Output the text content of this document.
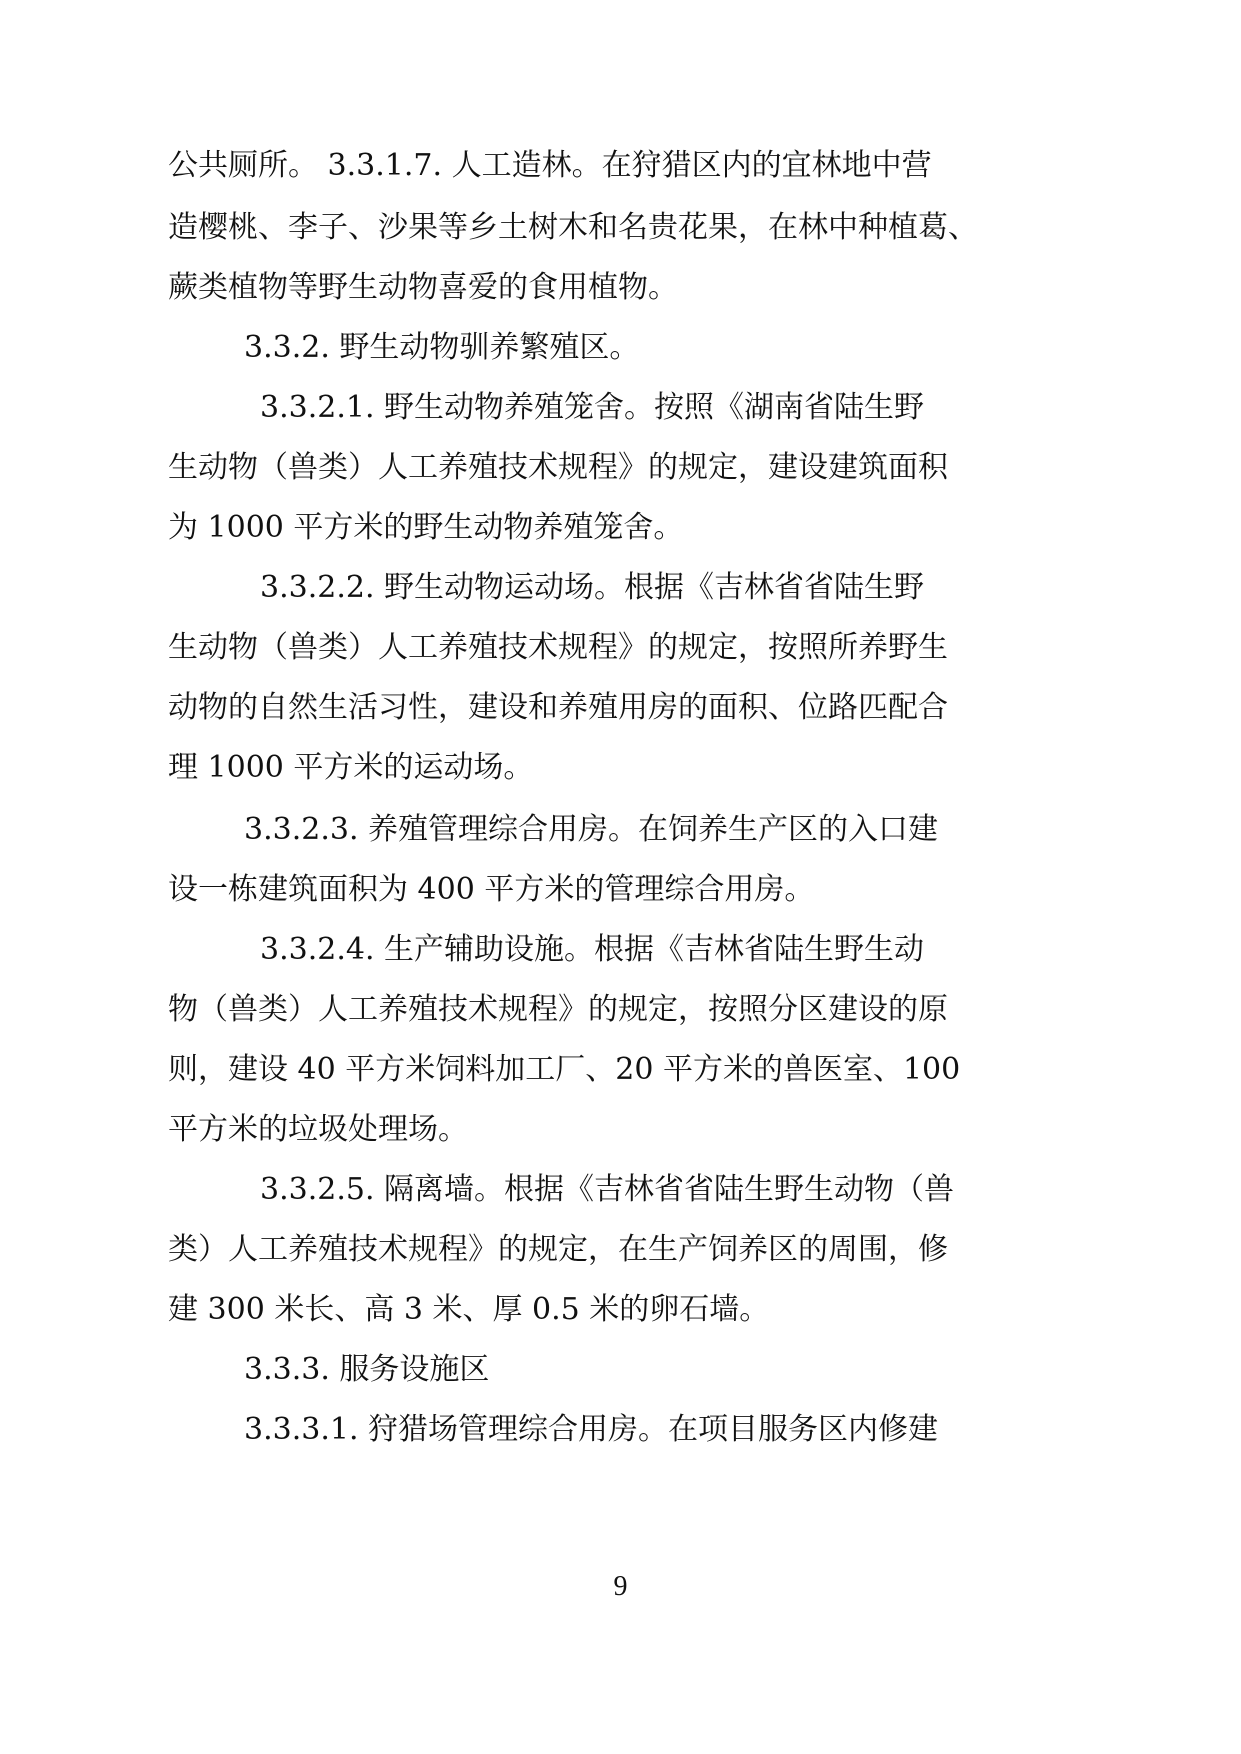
公共厕所。 3.3.1.7. 人工造林。在狩猎区内的宜林地中营
造樱桃、李子、沙果等乡土树木和名贵花果，在林中种植葛、
蕨类植物等野生动物喜爱的食用植物。
3.3.2. 野生动物驯养繁殖区。
3.3.2.1. 野生动物养殖笼舍。按照《湖南省陆生野
生动物（兽类）人工养殖技术规程》的规定，建设建筑面积
为 1000 平方米的野生动物养殖笼舍。
3.3.2.2. 野生动物运动场。根据《吉林省省陆生野
生动物（兽类）人工养殖技术规程》的规定，按照所养野生
动物的自然生活习性，建设和养殖用房的面积、位路匹配合
理 1000 平方米的运动场。
3.3.2.3. 养殖管理综合用房。在饲养生产区的入口建
设一栋建筑面积为 400 平方米的管理综合用房。
3.3.2.4. 生产辅助设施。根据《吉林省陆生野生动
物（兽类）人工养殖技术规程》的规定，按照分区建设的原
则，建设 40 平方米饲料加工厂、20 平方米的兽医室、100
平方米的垃圾处理场。
3.3.2.5. 隔离墙。根据《吉林省省陆生野生动物（兽
类）人工养殖技术规程》的规定，在生产饲养区的周围，修
建 300 米长、高 3 米、厚 0.5 米的卵石墙。
3.3.3. 服务设施区
3.3.3.1. 狩猎场管理综合用房。在项目服务区内修建
9
